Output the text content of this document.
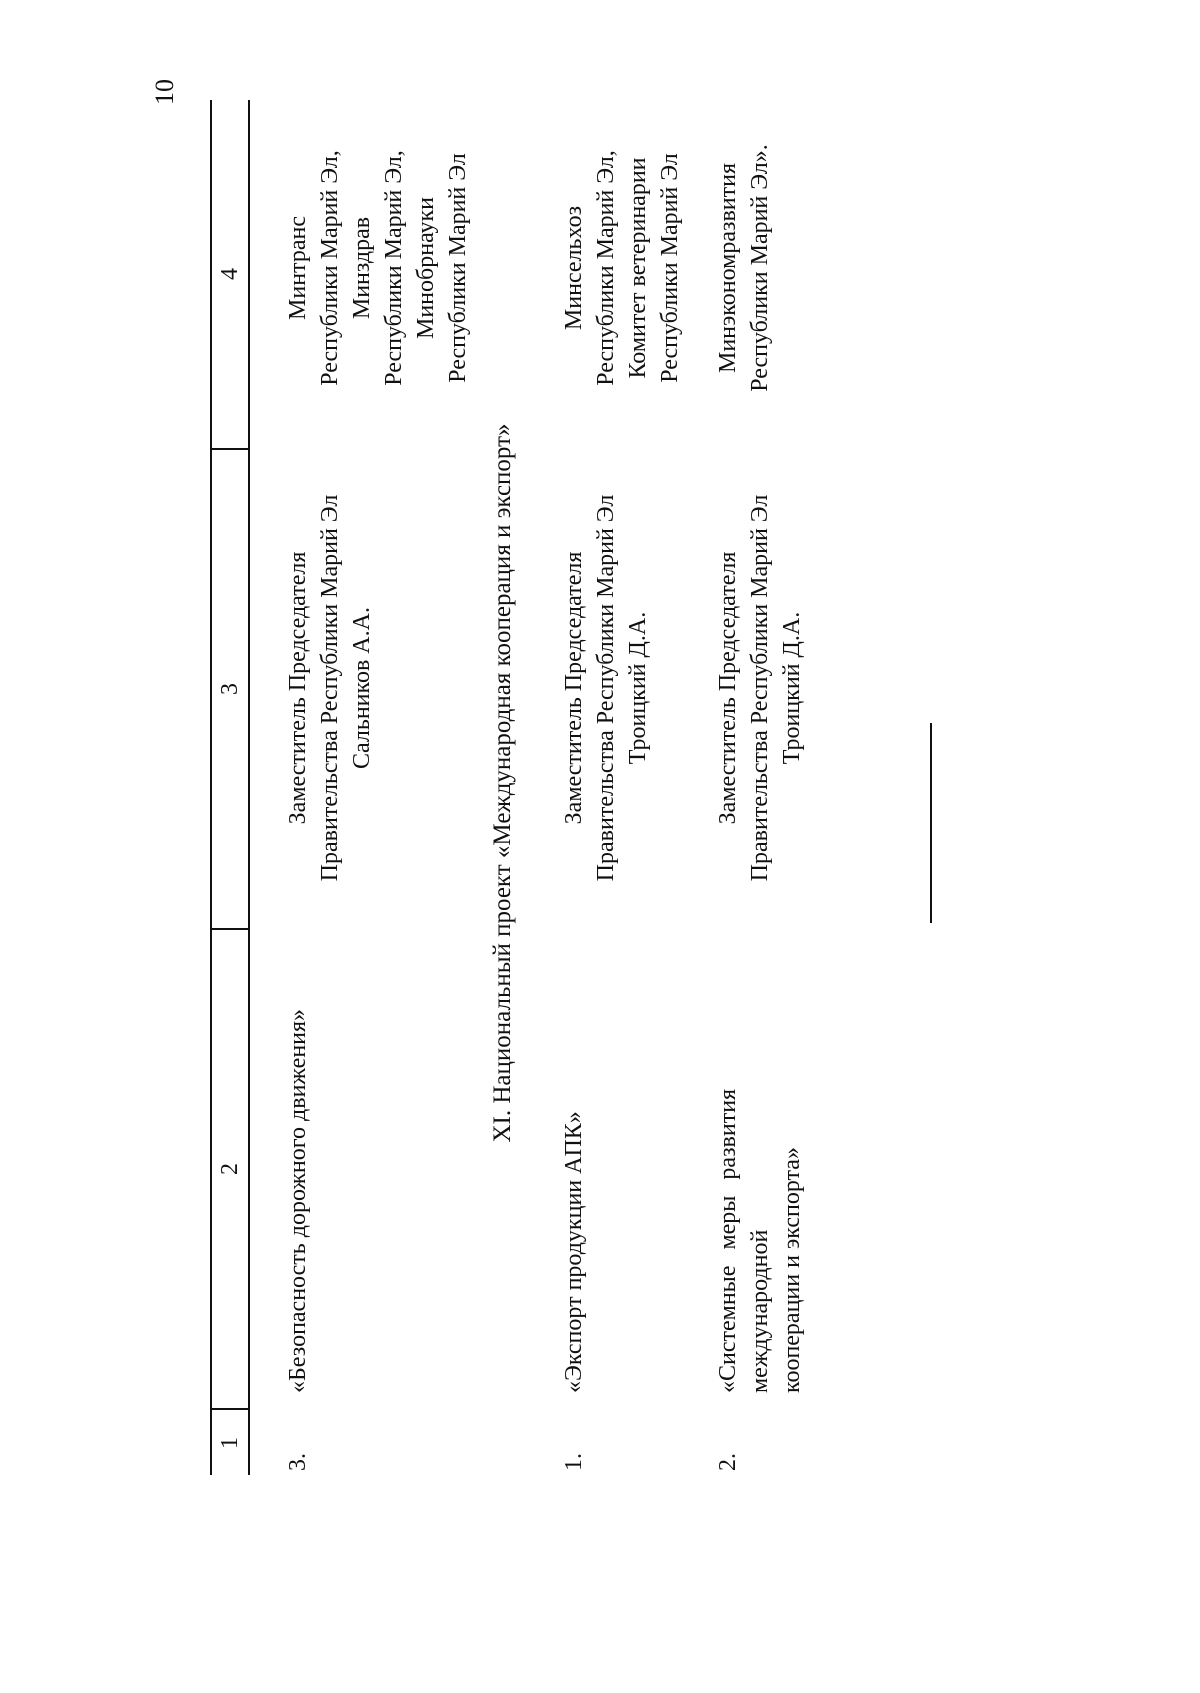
10
1
2
3
4
3.
«Безопасность дорожного движения»
Заместитель Председателя Правительства Республики Марий Эл Сальников А.А.
Минтранс Республики Марий Эл, Минздрав Республики Марий Эл, Минобрнауки Республики Марий Эл
XI. Национальный проект «Международная кооперация и экспорт»
1.
«Экспорт продукции АПК»
Заместитель Председателя Правительства Республики Марий Эл Троицкий Д.А.
Минсельхоз Республики Марий Эл, Комитет ветеринарии Республики Марий Эл
2.
«Системные меры развития международной кооперации и экспорта»
Заместитель Председателя Правительства Республики Марий Эл Троицкий Д.А.
Минэкономразвития Республики Марий Эл».
